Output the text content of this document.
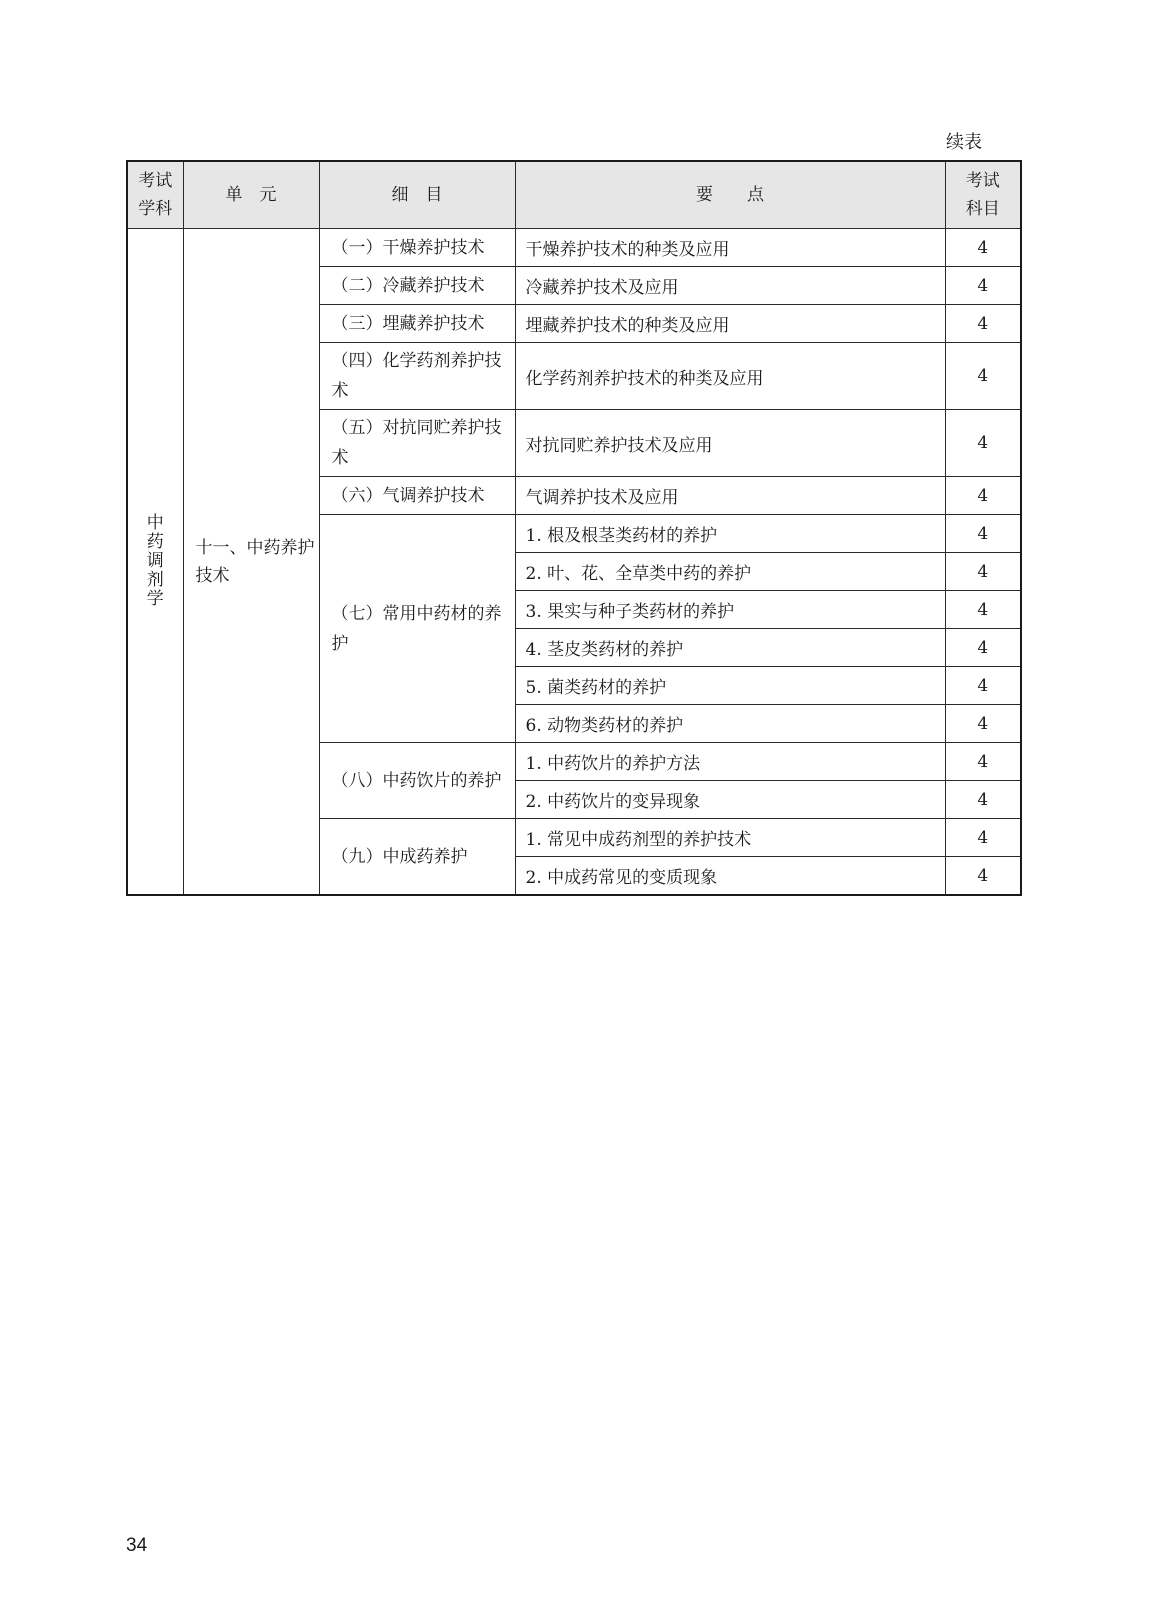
续表
考试学科	单　元	细　目	要　　点	考试科目
中药调剂学	十一、中药养护技术	（一）干燥养护技术	干燥养护技术的种类及应用	4
		（二）冷藏养护技术	冷藏养护技术及应用	4
		（三）埋藏养护技术	埋藏养护技术的种类及应用	4
		（四）化学药剂养护技术	化学药剂养护技术的种类及应用	4
		（五）对抗同贮养护技术	对抗同贮养护技术及应用	4
		（六）气调养护技术	气调养护技术及应用	4
		（七）常用中药材的养护	1. 根及根茎类药材的养护	4
			2. 叶、花、全草类中药的养护	4
			3. 果实与种子类药材的养护	4
			4. 茎皮类药材的养护	4
			5. 菌类药材的养护	4
			6. 动物类药材的养护	4
		（八）中药饮片的养护	1. 中药饮片的养护方法	4
			2. 中药饮片的变异现象	4
		（九）中成药养护	1. 常见中成药剂型的养护技术	4
			2. 中成药常见的变质现象	4
34
